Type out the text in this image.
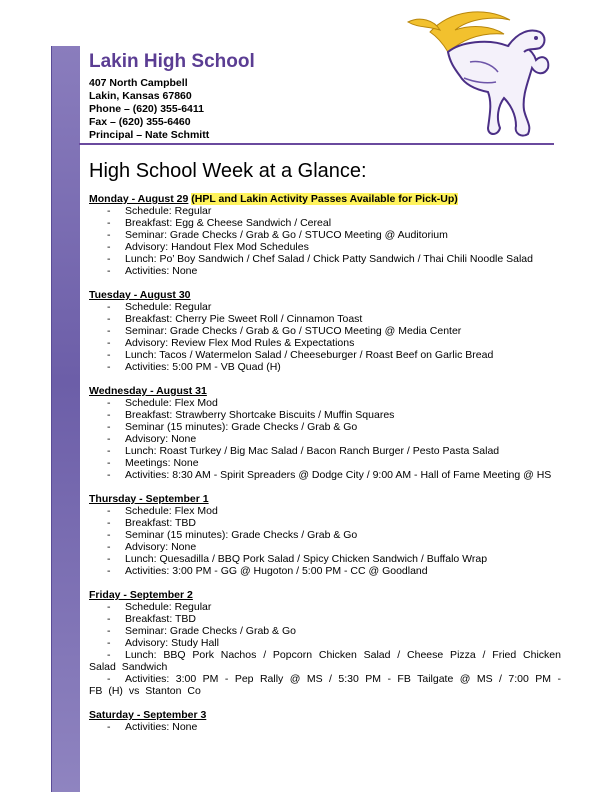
Lakin High School
407 North Campbell
Lakin, Kansas 67860
Phone – (620) 355-6411
Fax – (620) 355-6460
Principal – Nate Schmitt
High School Week at a Glance:

Monday - August 29 (HPL and Lakin Activity Passes Available for Pick-Up)

- Schedule: Regular
- Breakfast: Egg & Cheese Sandwich / Cereal
- Seminar: Grade Checks / Grab & Go / STUCO Meeting @ Auditorium
- Advisory: Handout Flex Mod Schedules
- Lunch: Po’ Boy Sandwich / Chef Salad / Chick Patty Sandwich / Thai Chili Noodle Salad
- Activities: None

Tuesday - August 30

- Schedule: Regular
- Breakfast: Cherry Pie Sweet Roll / Cinnamon Toast
- Seminar: Grade Checks / Grab & Go / STUCO Meeting @ Media Center
- Advisory: Review Flex Mod Rules & Expectations
- Lunch: Tacos / Watermelon Salad / Cheeseburger / Roast Beef on Garlic Bread
- Activities: 5:00 PM - VB Quad (H)

Wednesday - August 31

- Schedule: Flex Mod
- Breakfast: Strawberry Shortcake Biscuits / Muffin Squares
- Seminar (15 minutes): Grade Checks / Grab & Go
- Advisory: None
- Lunch: Roast Turkey / Big Mac Salad / Bacon Ranch Burger / Pesto Pasta Salad
- Meetings: None
- Activities: 8:30 AM - Spirit Spreaders @ Dodge City / 9:00 AM - Hall of Fame Meeting @ HS

Thursday - September 1

- Schedule: Flex Mod
- Breakfast: TBD
- Seminar (15 minutes): Grade Checks / Grab & Go
- Advisory: None
- Lunch: Quesadilla / BBQ Pork Salad / Spicy Chicken Sandwich / Buffalo Wrap
- Activities: 3:00 PM - GG @ Hugoton / 5:00 PM - CC @ Goodland

Friday - September 2

- Schedule: Regular
- Breakfast: TBD
- Seminar: Grade Checks / Grab & Go
- Advisory: Study Hall
- Lunch: BBQ Pork Nachos / Popcorn Chicken Salad / Cheese Pizza / Fried Chicken Salad Sandwich
- Activities: 3:00 PM - Pep Rally @ MS / 5:30 PM - FB Tailgate @ MS / 7:00 PM - FB (H) vs Stanton Co

Saturday - September 3

- Activities: None
